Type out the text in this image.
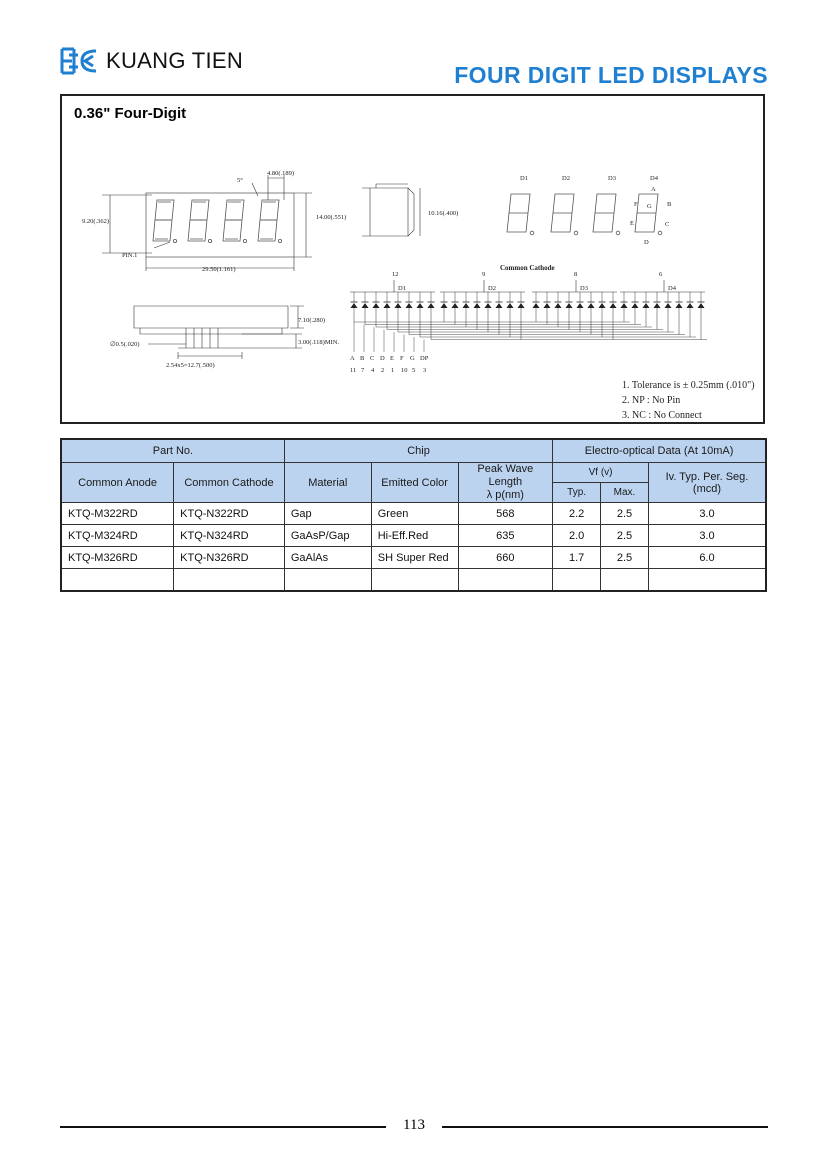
KUANG TIEN
FOUR DIGIT LED DISPLAYS
0.36" Four-Digit
4.80(.189)
5°
9.20(.362)
14.00(.551)
PIN.1
29.50(1.161)
10.16(.400)
7.10(.280)
3.00(.118)MIN.
∅0.5(.020)
2.54x5=12.7(.500)
D1	D2	D3	D4
A
B
C
D
E
F G
Common Cathode
12	9	8	6
D1	D2	D3	D4
A B C D E F G DP
11 7 4 2 1 10 5 3
1. Tolerance is ± 0.25mm (.010")
2. NP : No Pin
3. NC : No Connect
Part No.		Chip			Electro-optical Data (At 10mA)		
Common Anode	Common Cathode	Material	Emitted Color	Peak Wave Length
λ p(nm)	Vf (v)		Iv. Typ. Per. Seg. (mcd)
					Typ.	Max.	
KTQ-M322RD	KTQ-N322RD	Gap	Green	568	2.2	2.5	3.0
KTQ-M324RD	KTQ-N324RD	GaAsP/Gap	Hi-Eff.Red	635	2.0	2.5	3.0
KTQ-M326RD	KTQ-N326RD	GaAlAs	SH Super Red	660	1.7	2.5	6.0

113
